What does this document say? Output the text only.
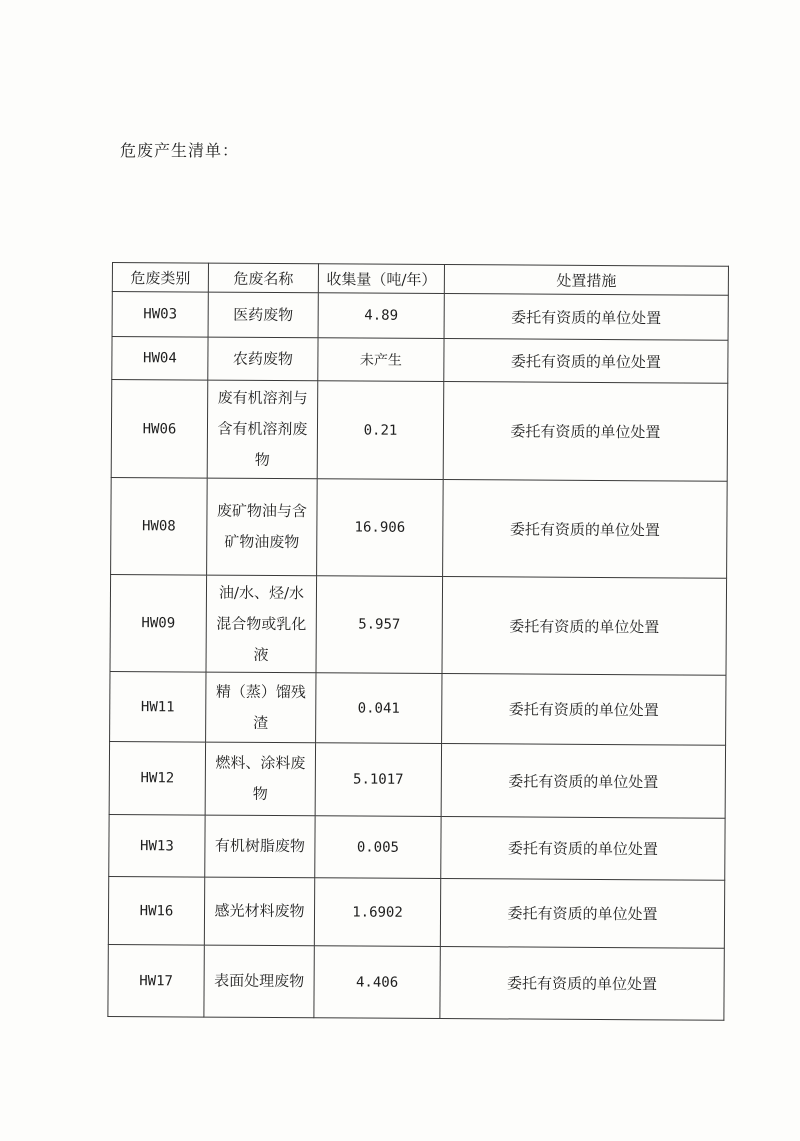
危废产生清单：
危废类别	危废名称	收集量（吨/年）	处置措施
HW03	医药废物	4.89	委托有资质的单位处置
HW04	农药废物	未产生	委托有资质的单位处置
HW06	废有机溶剂与含有机溶剂废物	0.21	委托有资质的单位处置
HW08	废矿物油与含矿物油废物	16.906	委托有资质的单位处置
HW09	油/水、烃/水混合物或乳化液	5.957	委托有资质的单位处置
HW11	精（蒸）馏残渣	0.041	委托有资质的单位处置
HW12	燃料、涂料废物	5.1017	委托有资质的单位处置
HW13	有机树脂废物	0.005	委托有资质的单位处置
HW16	感光材料废物	1.6902	委托有资质的单位处置
HW17	表面处理废物	4.406	委托有资质的单位处置
